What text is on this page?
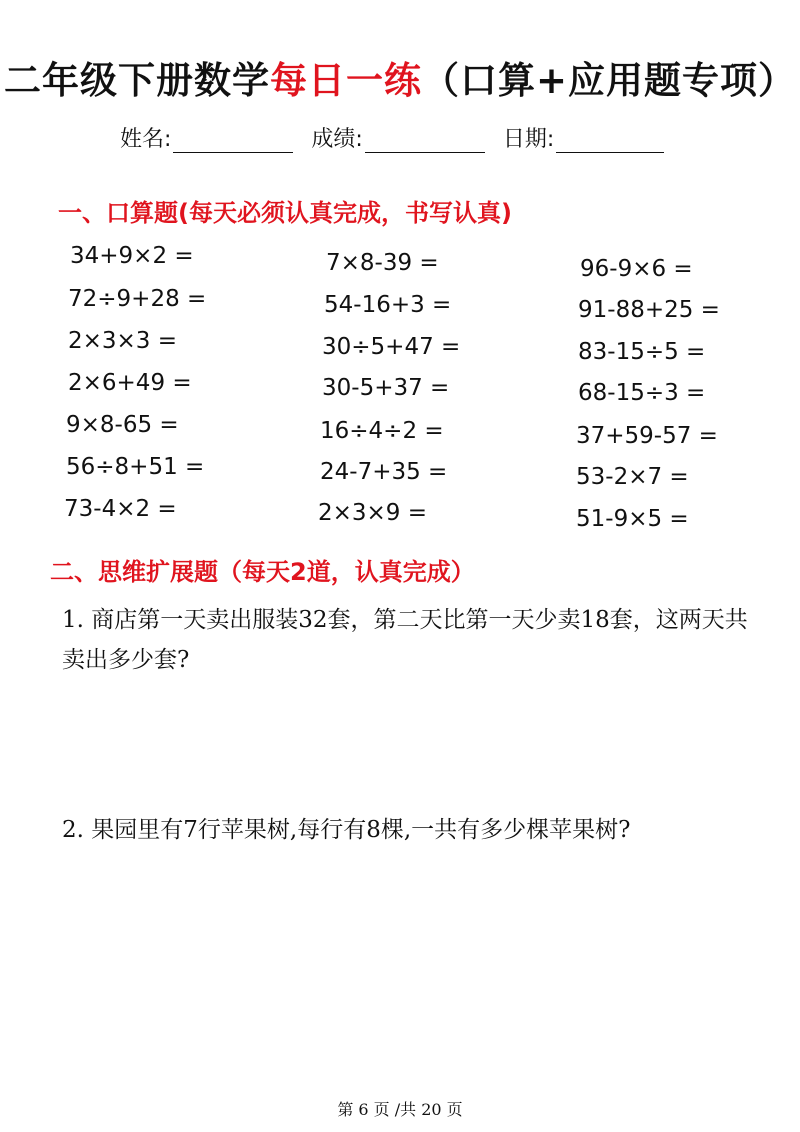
二年级下册数学每日一练（口算+应用题专项）
姓名:	成绩:	日期:
一、口算题(每天必须认真完成，书写认真)
34+9×2 =
72÷9+28 =
2×3×3 =
2×6+49 =
9×8-65 =
56÷8+51 =
73-4×2 =
7×8-39 =
54-16+3 =
30÷5+47 =
30-5+37 =
16÷4÷2 =
24-7+35 =
2×3×9 =
96-9×6 =
91-88+25 =
83-15÷5 =
68-15÷3 =
37+59-57 =
53-2×7 =
51-9×5 =
二、思维扩展题（每天2道，认真完成）
1. 商店第一天卖出服装32套，第二天比第一天少卖18套，这两天共卖出多少套?
2. 果园里有7行苹果树,每行有8棵,一共有多少棵苹果树?
第 6 页 /共 20 页
